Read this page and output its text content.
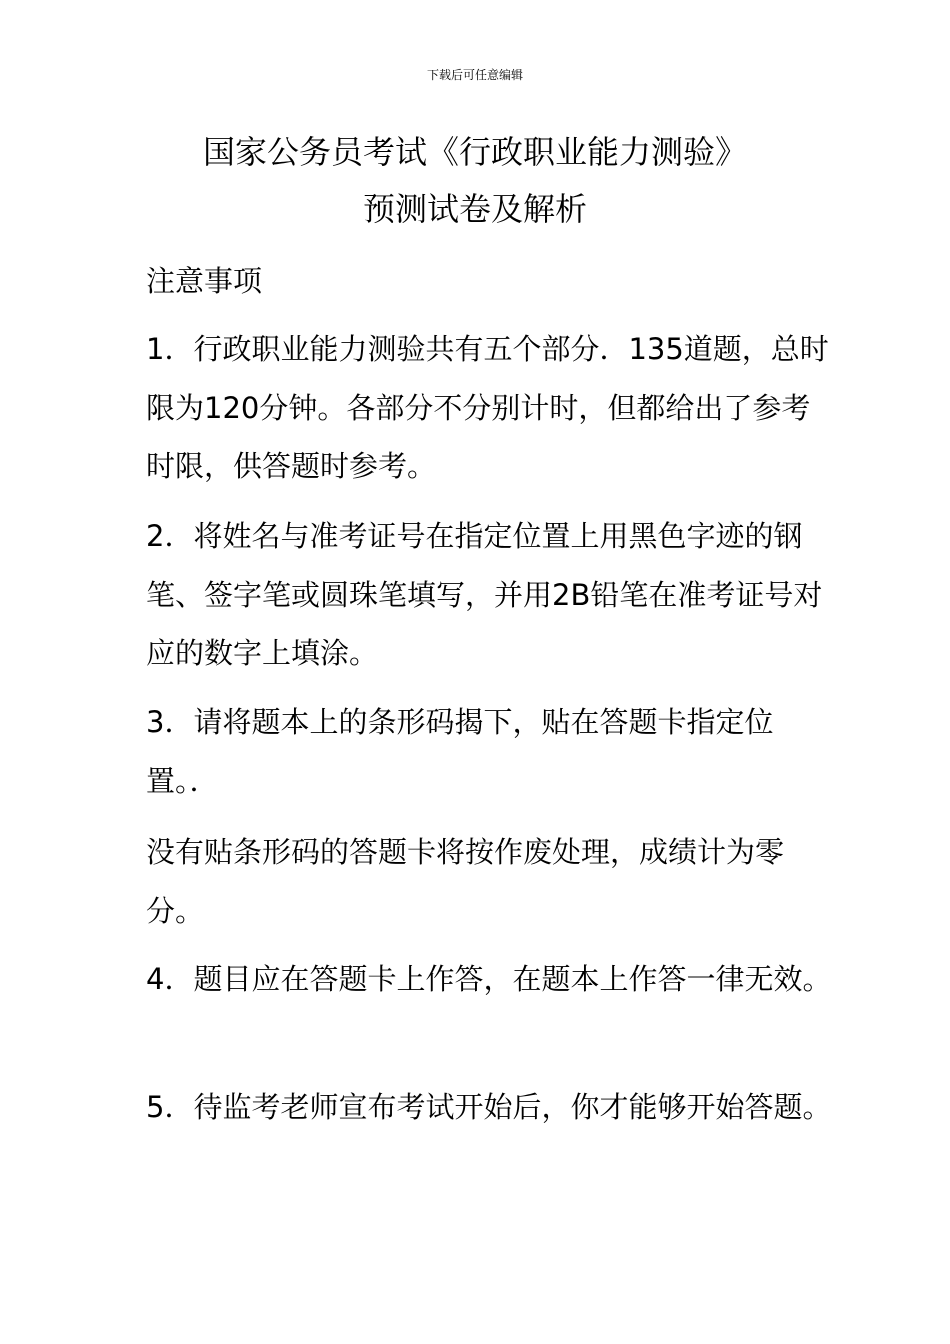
下载后可任意编辑
国家公务员考试《行政职业能力测验》
预测试卷及解析
注意事项

1．行政职业能力测验共有五个部分．135道题，总时限为120分钟。各部分不分别计时，但都给出了参考时限，供答题时参考。

2．将姓名与准考证号在指定位置上用黑色字迹的钢笔、签字笔或圆珠笔填写，并用2B铅笔在准考证号对应的数字上填涂。

3．请将题本上的条形码揭下，贴在答题卡指定位置。．

没有贴条形码的答题卡将按作废处理，成绩计为零分。

4．题目应在答题卡上作答，在题本上作答一律无效。

5．待监考老师宣布考试开始后，你才能够开始答题。
